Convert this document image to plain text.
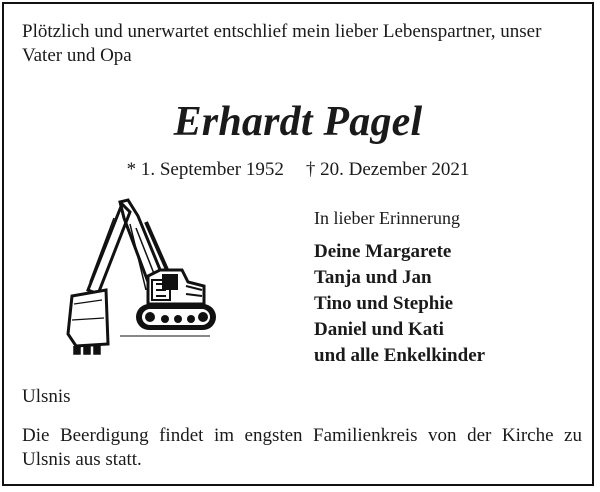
Plötzlich und unerwartet entschlief mein lieber Lebenspartner, unser Vater und Opa
Erhardt Pagel
* 1. September 1952 † 20. Dezember 2021
In lieber Erinnerung
Deine Margarete
Tanja und Jan
Tino und Stephie
Daniel und Kati
und alle Enkelkinder
Ulsnis
Die Beerdigung findet im engsten Familienkreis von der Kirche zu Ulsnis aus statt.
